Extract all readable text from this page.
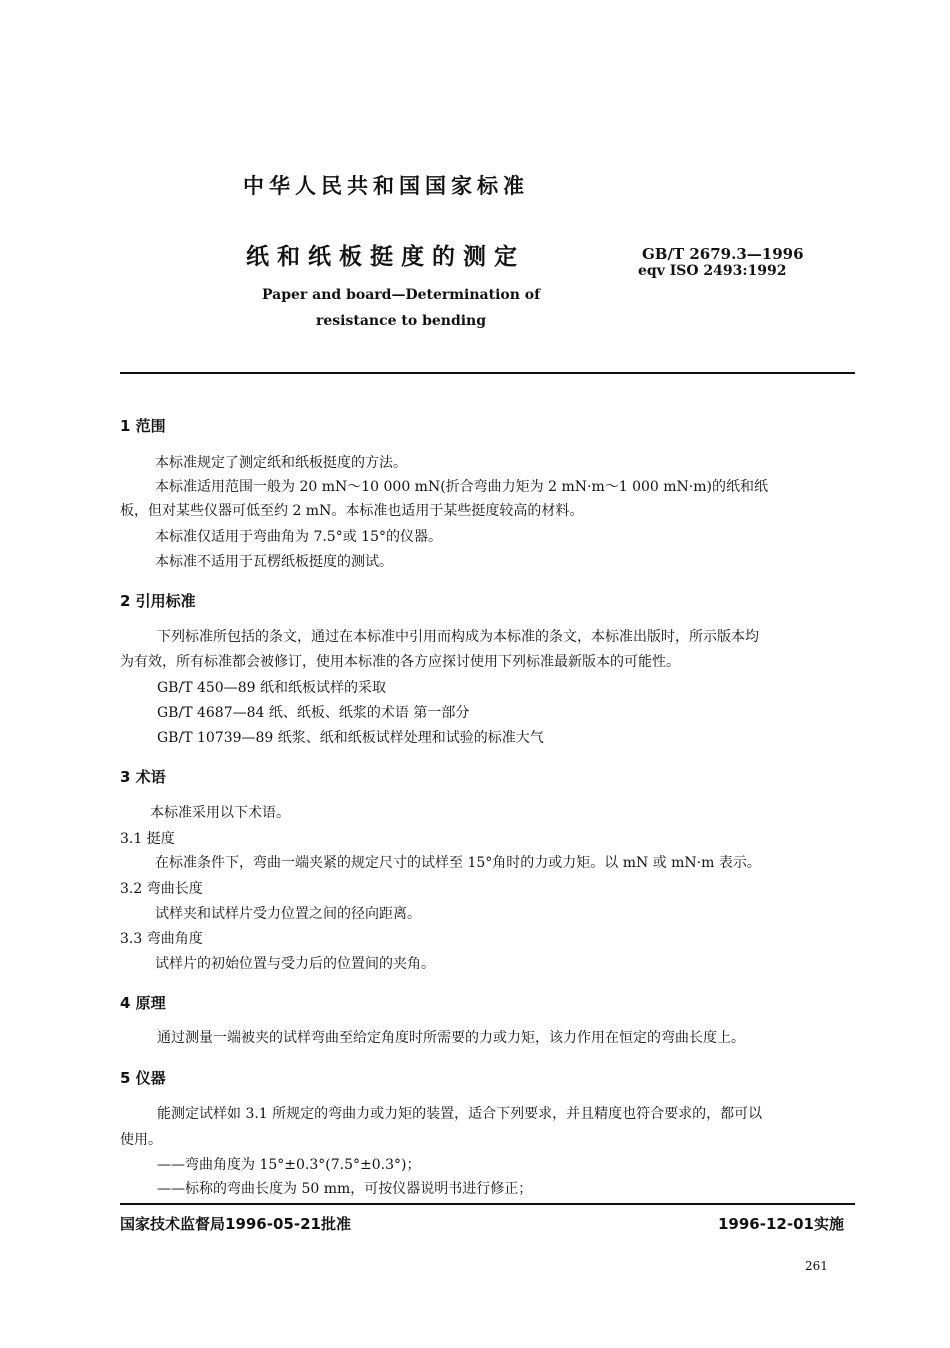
中华人民共和国国家标准
纸和纸板挺度的测定	GB/T 2679.3—1996
eqv ISO 2493:1992
Paper and board—Determination of
resistance to bending
1 范围
本标准规定了测定纸和纸板挺度的方法。
本标准适用范围一般为 20 mN～10 000 mN(折合弯曲力矩为 2 mN·m～1 000 mN·m)的纸和纸
板，但对某些仪器可低至约 2 mN。本标准也适用于某些挺度较高的材料。
本标准仅适用于弯曲角为 7.5°或 15°的仪器。
本标准不适用于瓦楞纸板挺度的测试。
2 引用标准
下列标准所包括的条文，通过在本标准中引用而构成为本标准的条文，本标准出版时，所示版本均
为有效，所有标准都会被修订，使用本标准的各方应探讨使用下列标准最新版本的可能性。
GB/T 450—89 纸和纸板试样的采取
GB/T 4687—84 纸、纸板、纸浆的术语 第一部分
GB/T 10739—89 纸浆、纸和纸板试样处理和试验的标准大气
3 术语
本标准采用以下术语。
3.1 挺度
在标准条件下，弯曲一端夹紧的规定尺寸的试样至 15°角时的力或力矩。以 mN 或 mN·m 表示。
3.2 弯曲长度
试样夹和试样片受力位置之间的径向距离。
3.3 弯曲角度
试样片的初始位置与受力后的位置间的夹角。
4 原理
通过测量一端被夹的试样弯曲至给定角度时所需要的力或力矩，该力作用在恒定的弯曲长度上。
5 仪器
能测定试样如 3.1 所规定的弯曲力或力矩的装置，适合下列要求，并且精度也符合要求的，都可以
使用。
——弯曲角度为 15°±0.3°(7.5°±0.3°)；
——标称的弯曲长度为 50 mm，可按仪器说明书进行修正；
国家技术监督局1996-05-21批准	1996-12-01实施
261
